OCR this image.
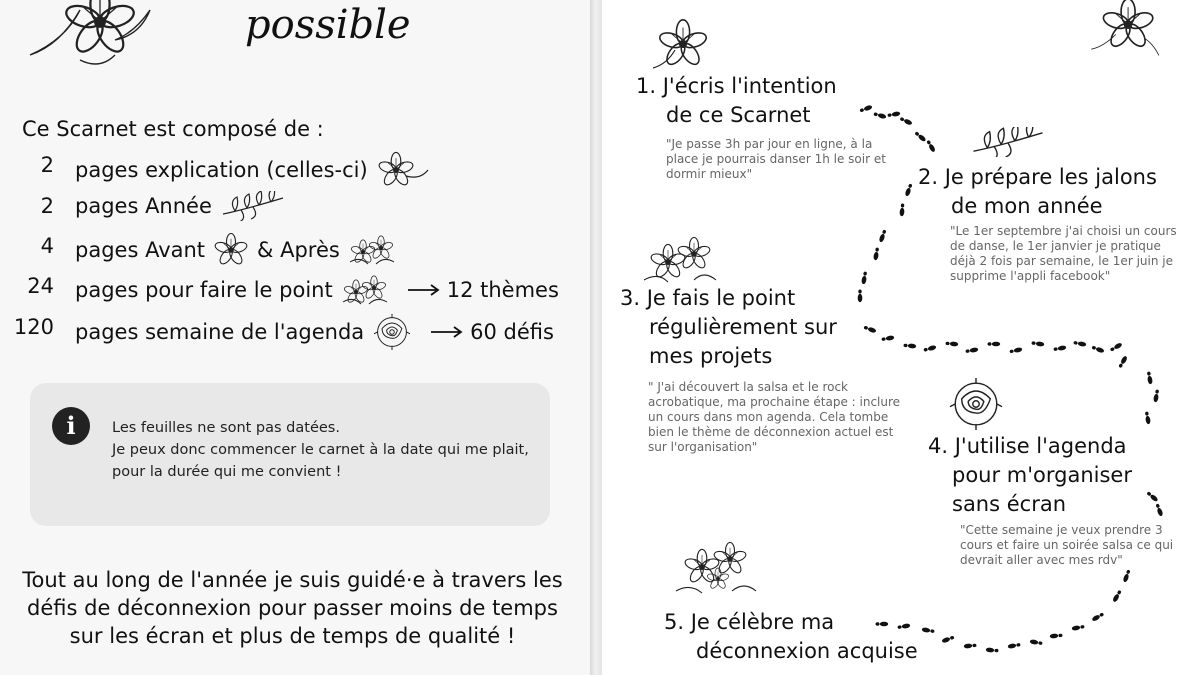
possible
Ce Scarnet est composé de :
2 pages explication (celles-ci)
2 pages Année
4 pages Avant & Après
24 pages pour faire le point	12 thèmes
120 pages semaine de l'agenda	60 défis
i	Les feuilles ne sont pas datées.

Je peux donc commencer le carnet à la date qui me plait, pour la durée qui me convient !

Tout au long de l'année je suis guidé·e à travers les défis de déconnexion pour passer moins de temps sur les écran et plus de temps de qualité !
1. J'écris l'intention
de ce Scarnet
"Je passe 3h par jour en ligne, à la place je pourrais danser 1h le soir et dormir mieux"	2. Je prépare les jalons
de mon année
"Le 1er septembre j'ai choisi un cours de danse, le 1er janvier je pratique déjà 2 fois par semaine, le 1er juin je supprime l'appli facebook"
3. Je fais le point
régulièrement sur
mes projets
" J'ai découvert la salsa et le rock acrobatique, ma prochaine étape : inclure un cours dans mon agenda. Cela tombe bien le thème de déconnexion actuel est sur l'organisation"	4. J'utilise l'agenda
pour m'organiser
sans écran
"Cette semaine je veux prendre 3 cours et faire un soirée salsa ce qui devrait aller avec mes rdv"
5. Je célèbre ma
déconnexion acquise
